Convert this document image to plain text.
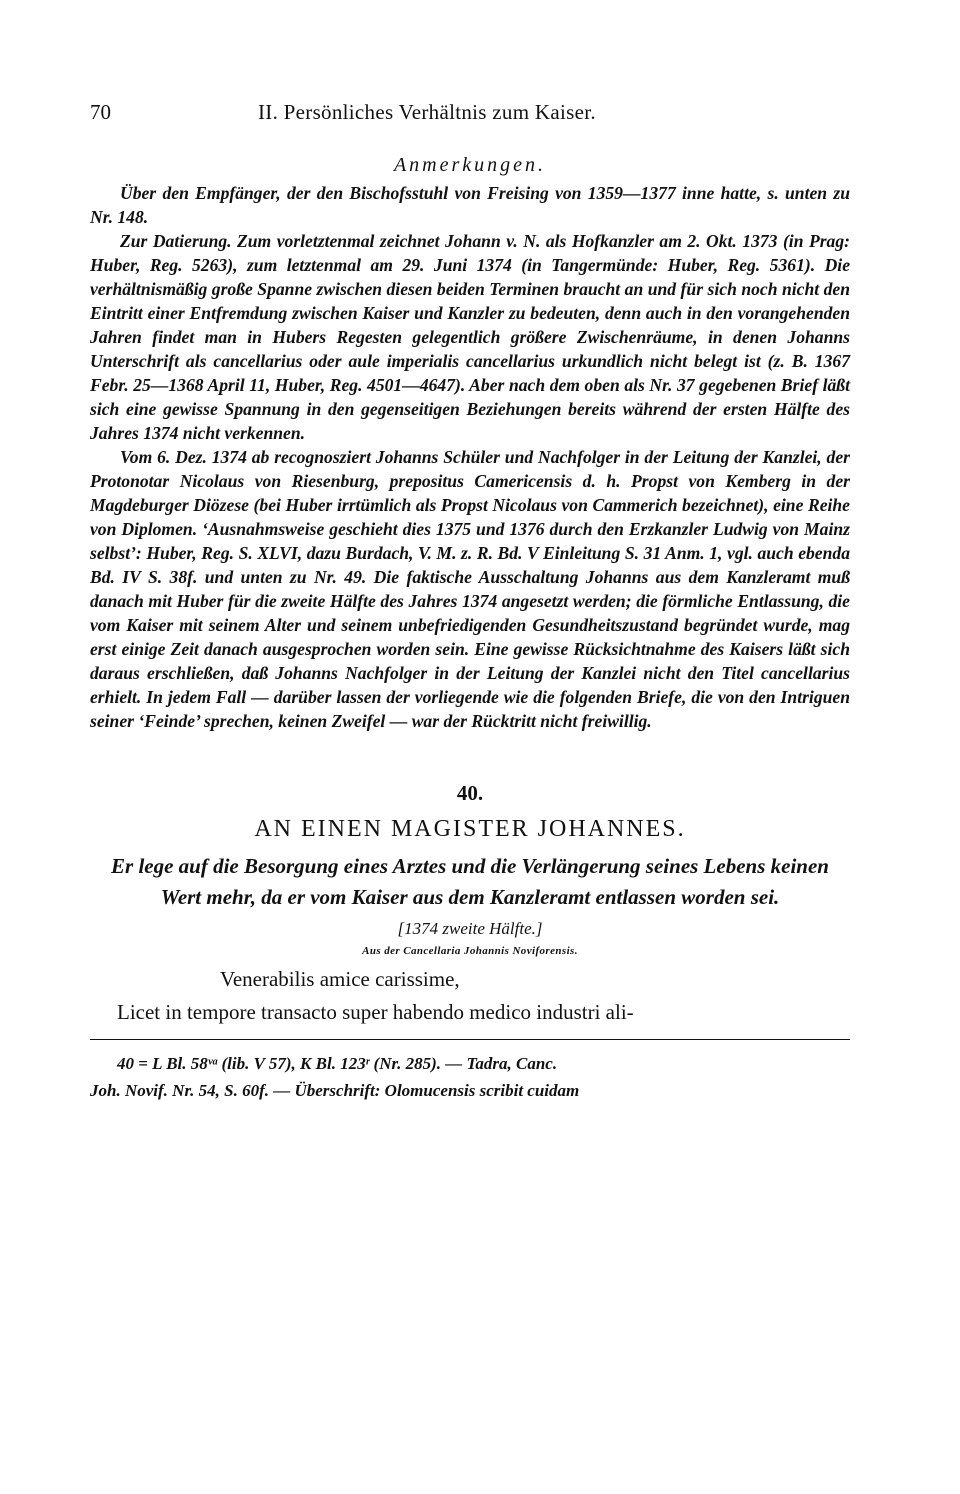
70	II. Persönliches Verhältnis zum Kaiser.
Anmerkungen.

Über den Empfänger, der den Bischofsstuhl von Freising von 1359—1377 inne hatte, s. unten zu Nr. 148.

Zur Datierung. Zum vorletztenmal zeichnet Johann v. N. als Hofkanzler am 2. Okt. 1373 (in Prag: Huber, Reg. 5263), zum letztenmal am 29. Juni 1374 (in Tangermünde: Huber, Reg. 5361). Die verhältnismäßig große Spanne zwischen diesen beiden Terminen braucht an und für sich noch nicht den Eintritt einer Entfremdung zwischen Kaiser und Kanzler zu bedeuten, denn auch in den vorangehenden Jahren findet man in Hubers Regesten gelegentlich größere Zwischenräume, in denen Johanns Unterschrift als cancellarius oder aule imperialis cancellarius urkundlich nicht belegt ist (z. B. 1367 Febr. 25—1368 April 11, Huber, Reg. 4501—4647). Aber nach dem oben als Nr. 37 gegebenen Brief läßt sich eine gewisse Spannung in den gegenseitigen Beziehungen bereits während der ersten Hälfte des Jahres 1374 nicht verkennen.

Vom 6. Dez. 1374 ab recognosziert Johanns Schüler und Nachfolger in der Leitung der Kanzlei, der Protonotar Nicolaus von Riesenburg, prepositus Camericensis d. h. Propst von Kemberg in der Magdeburger Diözese (bei Huber irrtümlich als Propst Nicolaus von Cammerich bezeichnet), eine Reihe von Diplomen. ‘Ausnahmsweise geschieht dies 1375 und 1376 durch den Erzkanzler Ludwig von Mainz selbst’: Huber, Reg. S. XLVI, dazu Burdach, V. M. z. R. Bd. V Einleitung S. 31 Anm. 1, vgl. auch ebenda Bd. IV S. 38f. und unten zu Nr. 49. Die faktische Ausschaltung Johanns aus dem Kanzleramt muß danach mit Huber für die zweite Hälfte des Jahres 1374 angesetzt werden; die förmliche Entlassung, die vom Kaiser mit seinem Alter und seinem unbefriedigenden Gesundheitszustand begründet wurde, mag erst einige Zeit danach ausgesprochen worden sein. Eine gewisse Rücksichtnahme des Kaisers läßt sich daraus erschließen, daß Johanns Nachfolger in der Leitung der Kanzlei nicht den Titel cancellarius erhielt. In jedem Fall — darüber lassen der vorliegende wie die folgenden Briefe, die von den Intriguen seiner ‘Feinde’ sprechen, keinen Zweifel — war der Rücktritt nicht freiwillig.

40.
AN EINEN MAGISTER JOHANNES.
Er lege auf die Besorgung eines Arztes und die Verlängerung seines Lebens keinen Wert mehr, da er vom Kaiser aus dem Kanzleramt entlassen worden sei.
[1374 zweite Hälfte.]
Aus der Cancellaria Johannis Noviforensis.
Venerabilis amice carissime,
Licet in tempore transacto super habendo medico industri ali-
40 = L Bl. 58ᵛᵃ (lib. V 57), K Bl. 123ʳ (Nr. 285). — Tadra, Canc.
Joh. Novif. Nr. 54, S. 60f. — Überschrift: Olomucensis scribit cuidam
